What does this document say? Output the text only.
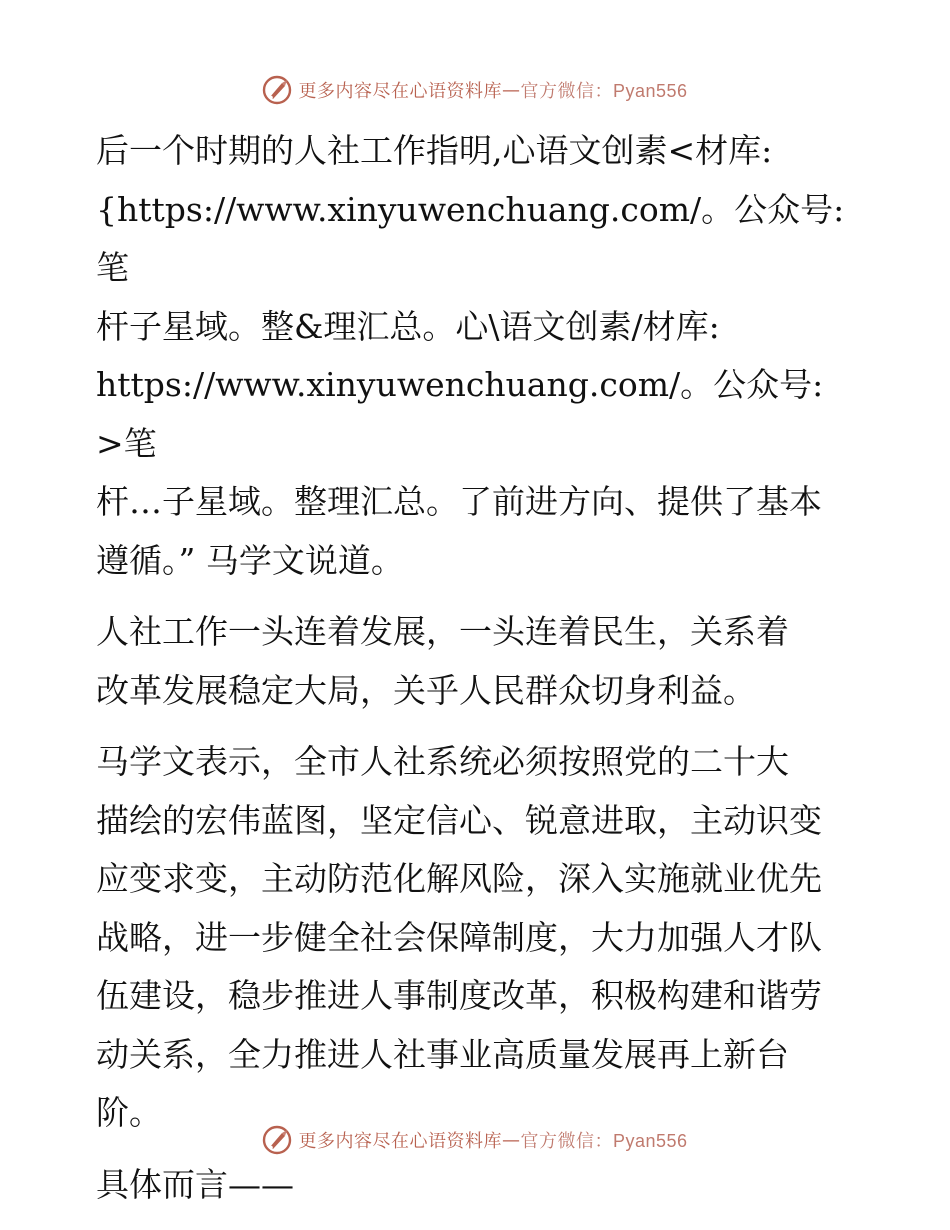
更多内容尽在心语资料库 — 官方微信：Pyan556

后一个时期的人社工作指明,心语文创素<材库:
{https://www.xinyuwenchuang.com/。公众号: 笔
杆子星域。整&理汇总。心\语文创素/材库:
https://www.xinyuwenchuang.com/。公众号: >笔
杆…子星域。整理汇总。了前进方向、提供了基本
遵循。” 马学文说道。

人社工作一头连着发展，一头连着民生，关系着
改革发展稳定大局，关乎人民群众切身利益。

马学文表示，全市人社系统必须按照党的二十大
描绘的宏伟蓝图，坚定信心、锐意进取，主动识变
应变求变，主动防范化解风险，深入实施就业优先
战略，进一步健全社会保障制度，大力加强人才队
伍建设，稳步推进人事制度改革，积极构建和谐劳
动关系，全力推进人社事业高质量发展再上新台
阶。

具体而言——

更多内容尽在心语资料库 — 官方微信：Pyan556
